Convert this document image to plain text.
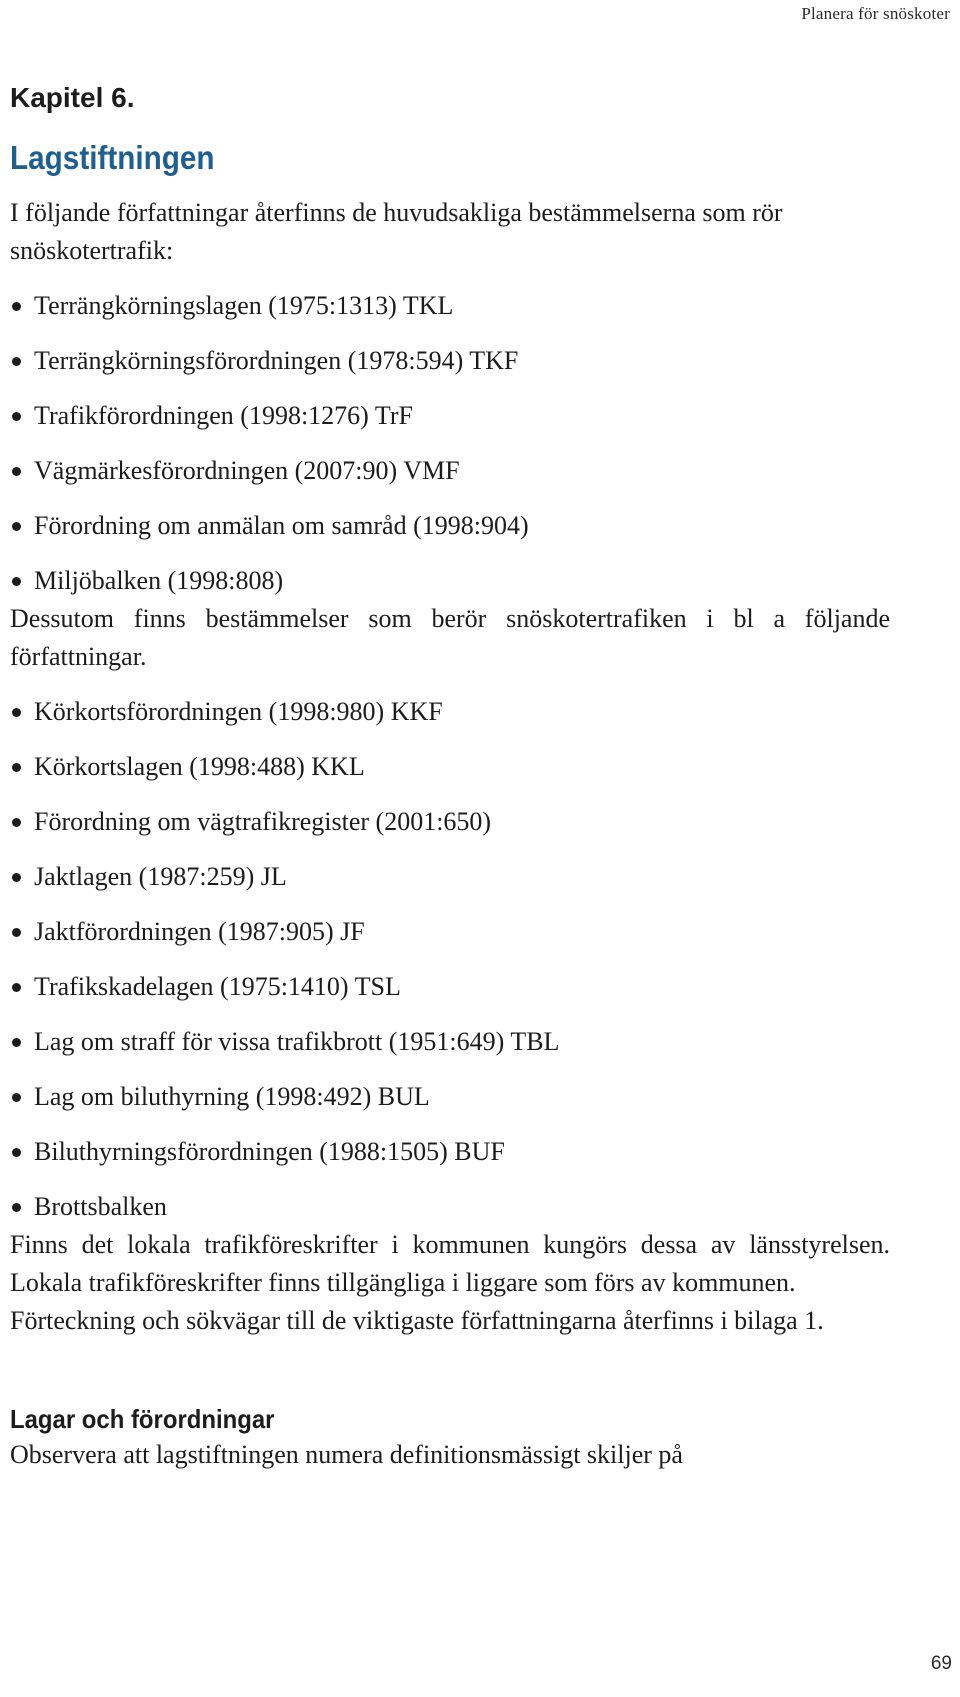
Planera för snöskoter
Kapitel 6.
Lagstiftningen

I följande författningar återfinns de huvudsakliga bestämmelserna som rör snöskotertrafik:

Terrängkörningslagen (1975:1313) TKL
Terrängkörningsförordningen (1978:594) TKF
Trafikförordningen (1998:1276) TrF
Vägmärkesförordningen (2007:90) VMF
Förordning om anmälan om samråd (1998:904)
Miljöbalken (1998:808)

Dessutom finns bestämmelser som berör snöskotertrafiken i bl a följande författningar.

Körkortsförordningen (1998:980) KKF
Körkortslagen (1998:488) KKL
Förordning om vägtrafikregister (2001:650)
Jaktlagen (1987:259) JL
Jaktförordningen (1987:905) JF
Trafikskadelagen (1975:1410) TSL
Lag om straff för vissa trafikbrott (1951:649) TBL
Lag om biluthyrning (1998:492) BUL
Biluthyrningsförordningen (1988:1505) BUF
Brottsbalken

Finns det lokala trafikföreskrifter i kommunen kungörs dessa av länsstyrelsen. Lokala trafikföreskrifter finns tillgängliga i liggare som förs av kommunen.

Förteckning och sökvägar till de viktigaste författningarna återfinns i bilaga 1.

Lagar och förordningar

Observera att lagstiftningen numera definitionsmässigt skiljer på

69
